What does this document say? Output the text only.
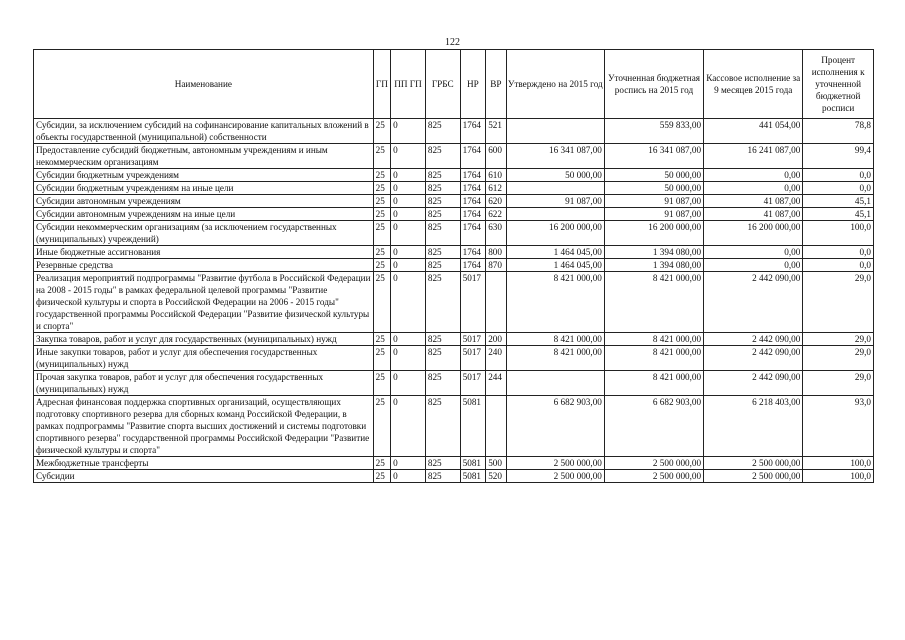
122
Наименование	ГП	ПП ГП	ГРБС	НР	ВР	Утверждено на 2015 год	Уточненная бюджетная роспись на 2015 год	Кассовое исполнение за 9 месяцев 2015 года	Процент исполнения к уточненной бюджетной росписи
Субсидии, за исключением субсидий на софинансирование капитальных вложений в объекты государственной (муниципальной) собственности	25	0	825	1764	521		559 833,00	441 054,00	78,8
Предоставление субсидий бюджетным, автономным учреждениям и иным некоммерческим организациям	25	0	825	1764	600	16 341 087,00	16 341 087,00	16 241 087,00	99,4
Субсидии бюджетным учреждениям	25	0	825	1764	610	50 000,00	50 000,00	0,00	0,0
Субсидии бюджетным учреждениям на иные цели	25	0	825	1764	612		50 000,00	0,00	0,0
Субсидии автономным учреждениям	25	0	825	1764	620	91 087,00	91 087,00	41 087,00	45,1
Субсидии автономным учреждениям на иные цели	25	0	825	1764	622		91 087,00	41 087,00	45,1
Субсидии некоммерческим организациям (за исключением государственных (муниципальных) учреждений)	25	0	825	1764	630	16 200 000,00	16 200 000,00	16 200 000,00	100,0
Иные бюджетные ассигнования	25	0	825	1764	800	1 464 045,00	1 394 080,00	0,00	0,0
Резервные средства	25	0	825	1764	870	1 464 045,00	1 394 080,00	0,00	0,0
Реализация мероприятий подпрограммы "Развитие футбола в Российской Федерации на 2008 - 2015 годы" в рамках федеральной целевой программы "Развитие физической культуры и спорта в Российской Федерации на 2006 - 2015 годы" государственной программы Российской Федерации "Развитие физической культуры и спорта"	25	0	825	5017		8 421 000,00	8 421 000,00	2 442 090,00	29,0
Закупка товаров, работ и услуг для государственных (муниципальных) нужд	25	0	825	5017	200	8 421 000,00	8 421 000,00	2 442 090,00	29,0
Иные закупки товаров, работ и услуг для обеспечения государственных (муниципальных) нужд	25	0	825	5017	240	8 421 000,00	8 421 000,00	2 442 090,00	29,0
Прочая закупка товаров, работ и услуг для обеспечения государственных (муниципальных) нужд	25	0	825	5017	244		8 421 000,00	2 442 090,00	29,0
Адресная финансовая поддержка спортивных организаций, осуществляющих подготовку спортивного резерва для сборных команд Российской Федерации, в рамках подпрограммы "Развитие спорта высших достижений и системы подготовки спортивного резерва" государственной программы Российской Федерации "Развитие физической культуры и спорта"	25	0	825	5081		6 682 903,00	6 682 903,00	6 218 403,00	93,0
Межбюджетные трансферты	25	0	825	5081	500	2 500 000,00	2 500 000,00	2 500 000,00	100,0
Субсидии	25	0	825	5081	520	2 500 000,00	2 500 000,00	2 500 000,00	100,0
